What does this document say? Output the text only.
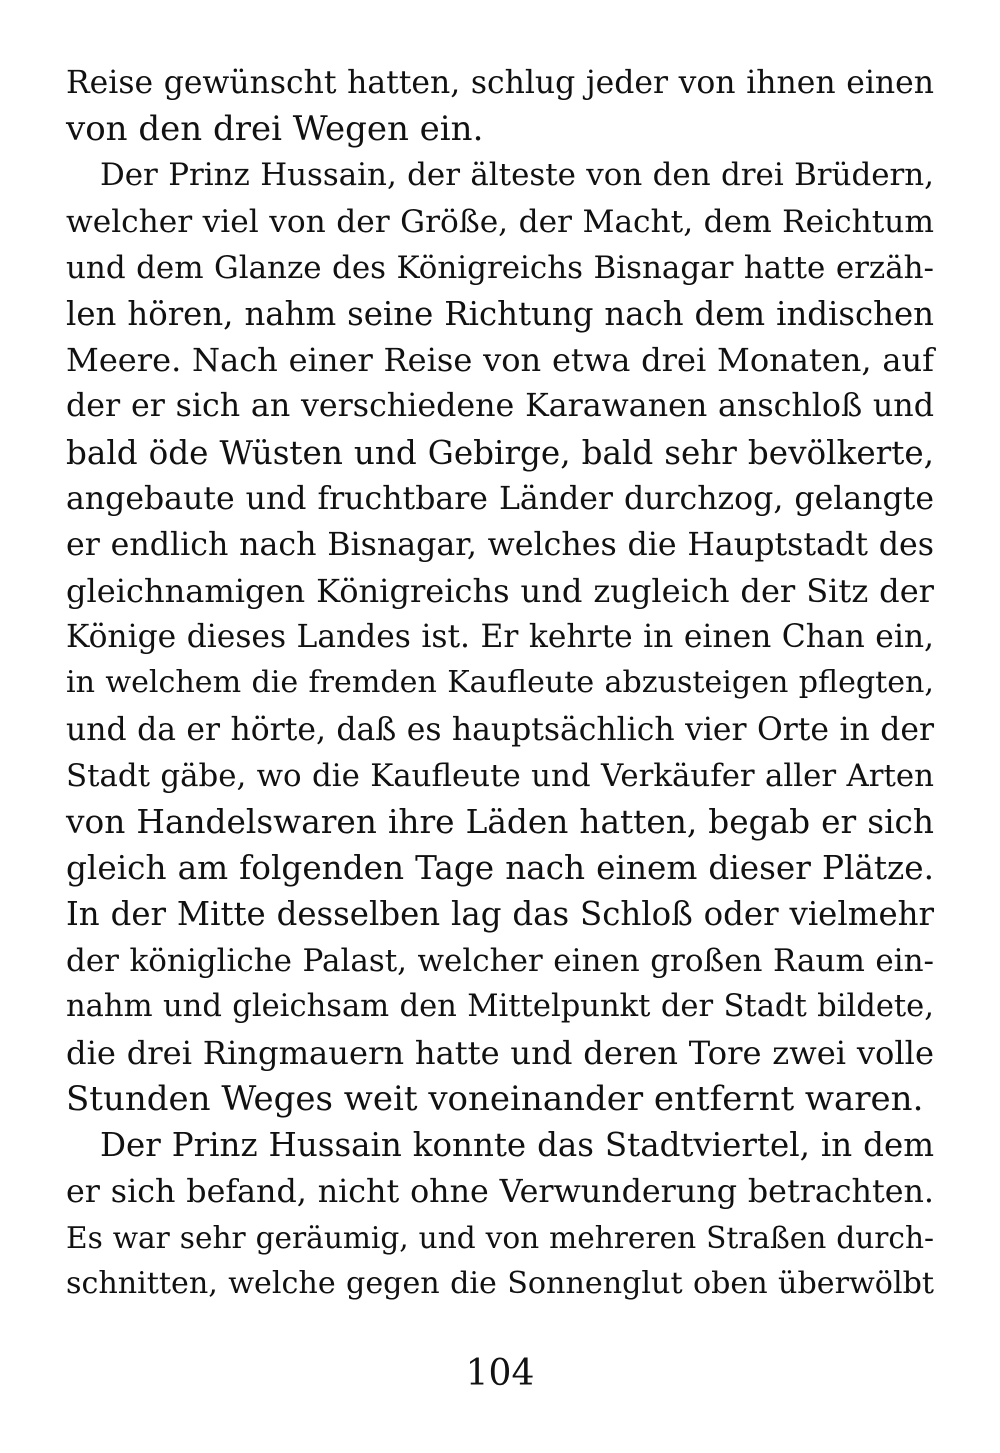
Reise gewünscht hatten, schlug jeder von ihnen einen
von den drei Wegen ein.
Der Prinz Hussain, der älteste von den drei Brüdern,
welcher viel von der Größe, der Macht, dem Reichtum
und dem Glanze des Königreichs Bisnagar hatte erzäh-
len hören, nahm seine Richtung nach dem indischen
Meere. Nach einer Reise von etwa drei Monaten, auf
der er sich an verschiedene Karawanen anschloß und
bald öde Wüsten und Gebirge, bald sehr bevölkerte,
angebaute und fruchtbare Länder durchzog, gelangte
er endlich nach Bisnagar, welches die Hauptstadt des
gleichnamigen Königreichs und zugleich der Sitz der
Könige dieses Landes ist. Er kehrte in einen Chan ein,
in welchem die fremden Kaufleute abzusteigen pflegten,
und da er hörte, daß es hauptsächlich vier Orte in der
Stadt gäbe, wo die Kaufleute und Verkäufer aller Arten
von Handelswaren ihre Läden hatten, begab er sich
gleich am folgenden Tage nach einem dieser Plätze.
In der Mitte desselben lag das Schloß oder vielmehr
der königliche Palast, welcher einen großen Raum ein-
nahm und gleichsam den Mittelpunkt der Stadt bildete,
die drei Ringmauern hatte und deren Tore zwei volle
Stunden Weges weit voneinander entfernt waren.
Der Prinz Hussain konnte das Stadtviertel, in dem
er sich befand, nicht ohne Verwunderung betrachten.
Es war sehr geräumig, und von mehreren Straßen durch-
schnitten, welche gegen die Sonnenglut oben überwölbt
104
